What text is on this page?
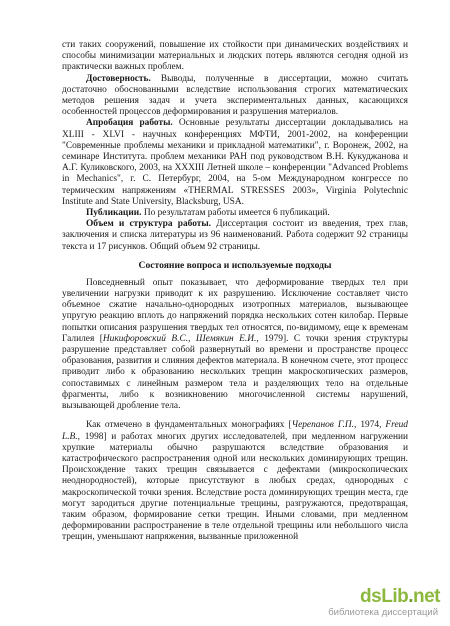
сти таких сооружений, повышение их стойкости при динамических воздействиях и способы минимизации материальных и людских потерь являются сегодня одной из практически важных проблем.

Достоверность. Выводы, полученные в диссертации, можно считать достаточно обоснованными вследствие использования строгих математических методов решения задач и учета экспериментальных данных, касающихся особенностей процессов деформирования и разрушения материалов.

Апробация работы. Основные результаты диссертации докладывались на XLIII - XLVI - научных конференциях МФТИ, 2001-2002, на конференции "Современные проблемы механики и прикладной математики", г. Воронеж, 2002, на семинаре Института. проблем механики РАН под руководством В.Н. Кукуджанова и А.Г. Куликовского, 2003, на XXXIII Летней школе – конференции "Advanced Problems in Mechanics", г. С. Петербург, 2004, на 5-ом Международном конгрессе по термическим напряжениям «THERMAL STRESSES 2003», Virginia Polytechnic Institute and State University, Blacksburg, USA.

Публикации. По результатам работы имеется 6 публикаций.

Объем и структура работы. Диссертация состоит из введения, трех глав, заключения и списка литературы из 96 наименований. Работа содержит 92 страницы текста и 17 рисунков. Общий объем 92 страницы.

Состояние вопроса и используемые подходы

Повседневный опыт показывает, что деформирование твердых тел при увеличении нагрузки приводит к их разрушению. Исключение составляет чисто объемное сжатие начально-однородных изотропных материалов, вызывающее упругую реакцию вплоть до напряжений порядка нескольких сотен килобар. Первые попытки описания разрушения твердых тел относятся, по-видимому, еще к временам Галилея [Никифоровский В.С., Шемякин Е.И., 1979]. С точки зрения структуры разрушение представляет собой развернутый во времени и пространстве процесс образования, развития и слияния дефектов материала. В конечном счете, этот процесс приводит либо к образованию нескольких трещин макроскопических размеров, сопоставимых с линейным размером тела и разделяющих тело на отдельные фрагменты, либо к возникновению многочисленной системы нарушений, вызывающей дробление тела.

Как отмечено в фундаментальных монографиях [Черепанов Г.П., 1974, Freud L.B., 1998] и работах многих других исследователей, при медленном нагружении хрупкие материалы обычно разрушаются вследствие образования и катастрофического распространения одной или нескольких доминирующих трещин. Происхождение таких трещин связывается с дефектами (микроскопических неоднородностей), которые присутствуют в любых средах, однородных с макроскопической точки зрения. Вследствие роста доминирующих трещин места, где могут зародиться другие потенциальные трещины, разгружаются, предотвращая, таким образом, формирование сетки трещин. Иными словами, при медленном деформировании распространение в теле отдельной трещины или небольшого числа трещин, уменьшают напряжения, вызванные приложенной

dsLib.net
библиотека диссертаций
